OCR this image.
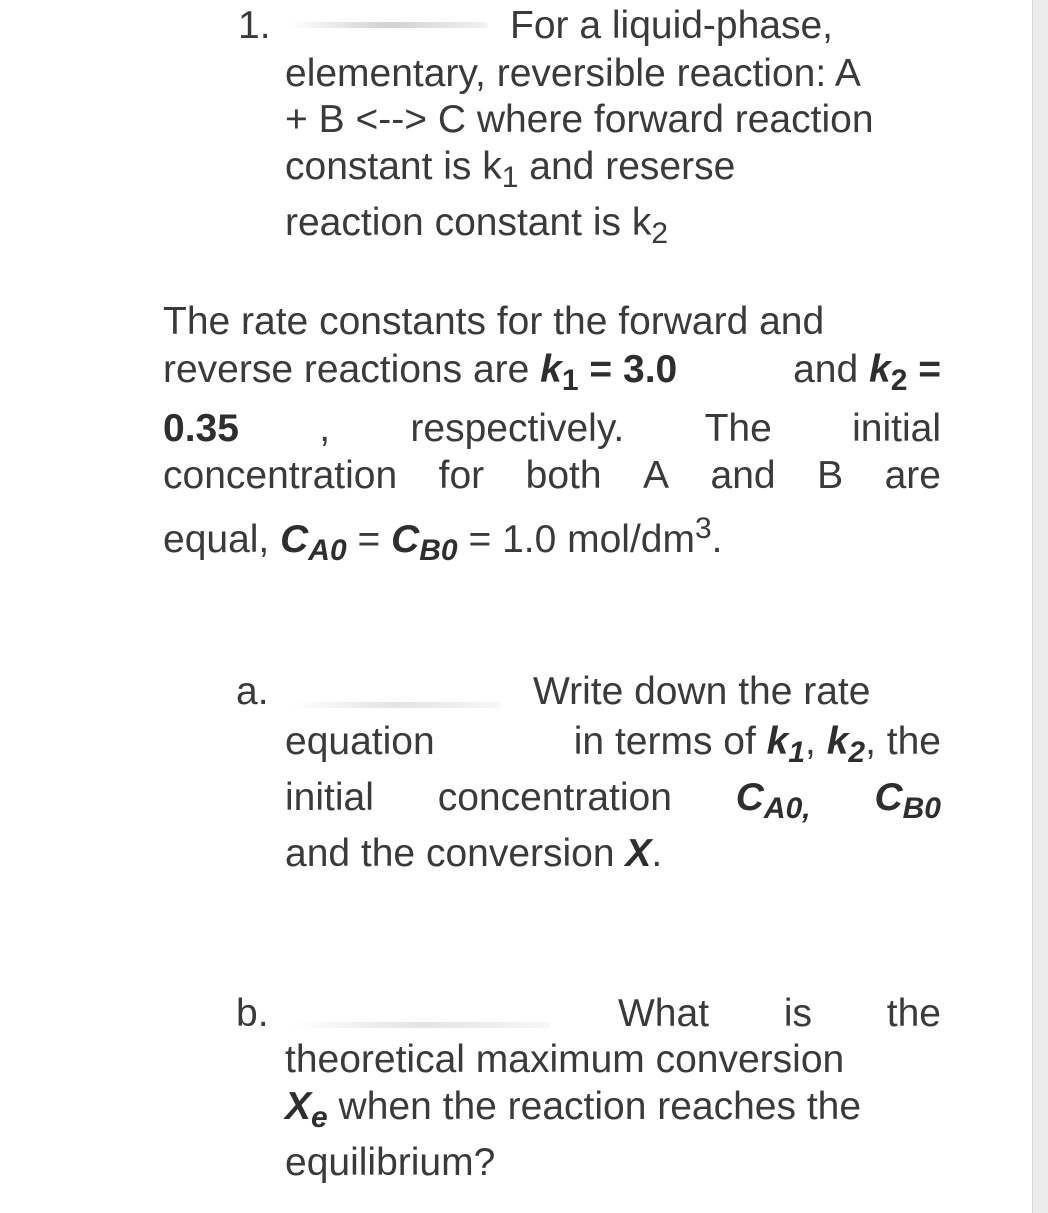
1.	For a liquid-phase,
elementary, reversible reaction: A
+ B <--> C where forward reaction
constant is $k_1$ and reserse
reaction constant is $k_2$
The rate constants for the forward and
reverse reactions are $k_1 = 3.0$	and $k_2$ =
0.35 , respectively. The initial
concentration for both A and B are
equal, $C_{A0} = C_{B0} = 1.0$ mol/$dm^3$.
a.	Write down the rate
equation	in terms of $k_1$, $k_2$, the
initial concentration $C_{A0,}$ $C_{B0}$
and the conversion X.
b.	What is the
theoretical maximum conversion
$X_e$ when the reaction reaches the
equilibrium?
